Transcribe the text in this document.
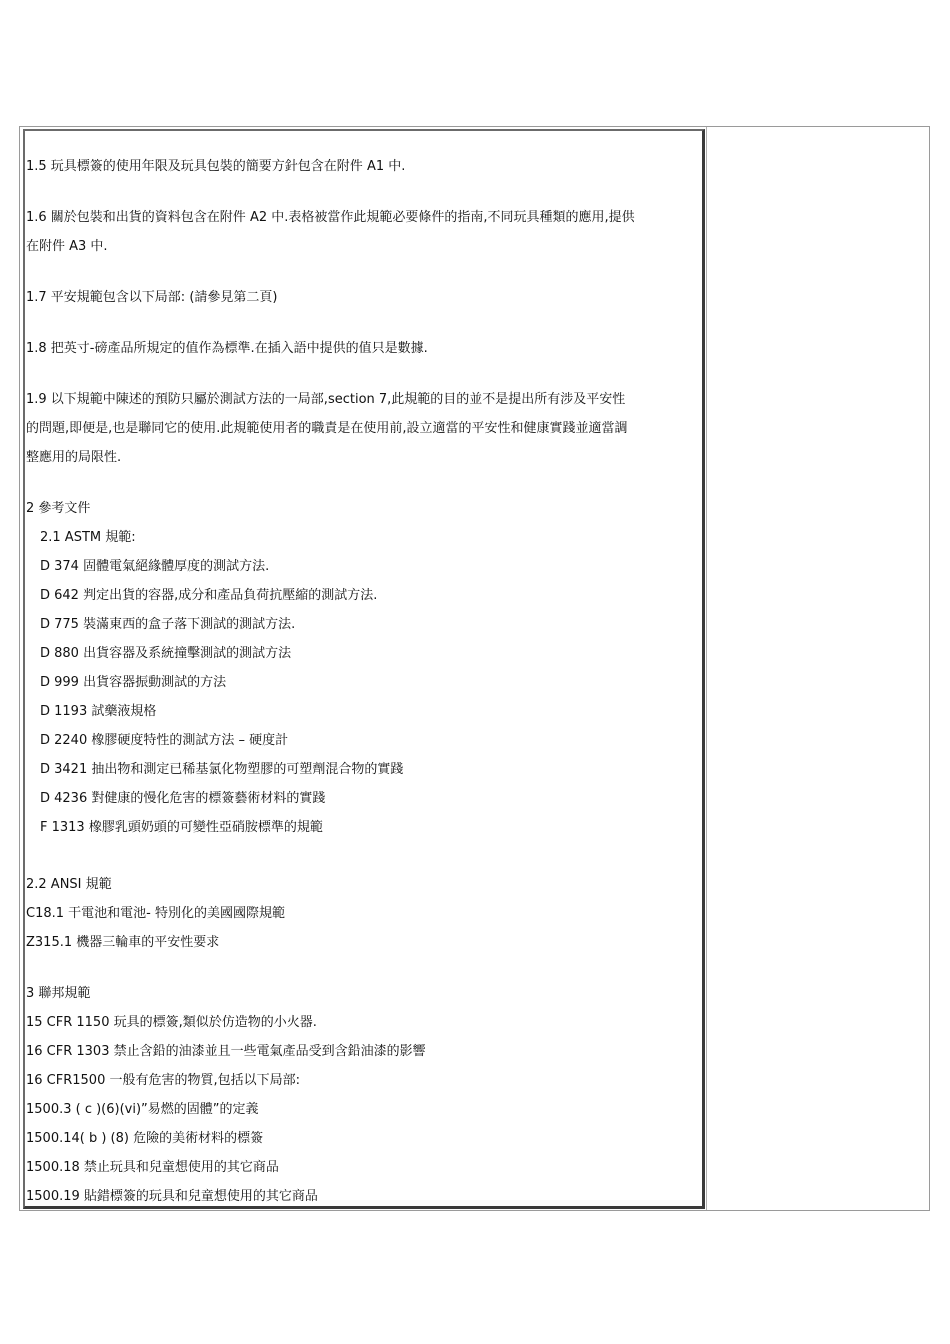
1.5 玩具標簽的使用年限及玩具包裝的簡要方針包含在附件 A1 中.
1.6 關於包裝和出貨的資料包含在附件 A2 中.表格被當作此規範必要條件的指南,不同玩具種類的應用,提供
在附件 A3 中.
1.7 平安規範包含以下局部: (請參見第二頁)
1.8 把英寸-磅產品所規定的值作為標準.在插入語中提供的值只是數據.
1.9 以下規範中陳述的預防只屬於測試方法的一局部,section 7,此規範的目的並不是提出所有涉及平安性
的問題,即便是,也是聯同它的使用.此規範使用者的職責是在使用前,設立適當的平安性和健康實踐並適當調
整應用的局限性.
2 參考文件
2.1 ASTM 規範:
D 374 固體電氣絕緣體厚度的測試方法.
D 642 判定出貨的容器,成分和產品負荷抗壓縮的測試方法.
D 775 裝滿東西的盒子落下測試的測試方法.
D 880 出貨容器及系統撞擊測試的測試方法
D 999 出貨容器振動測試的方法
D 1193 試藥液規格
D 2240 橡膠硬度特性的測試方法 – 硬度計
D 3421 抽出物和測定已稀基氯化物塑膠的可塑劑混合物的實踐
D 4236 對健康的慢化危害的標簽藝術材料的實踐
F 1313 橡膠乳頭奶頭的可變性亞硝胺標準的規範
2.2 ANSI 規範
C18.1 干電池和電池- 特別化的美國國際規範
Z315.1 機器三輪車的平安性要求
3 聯邦規範
15 CFR 1150 玩具的標簽,類似於仿造物的小火器.
16 CFR 1303 禁止含鉛的油漆並且一些電氣產品受到含鉛油漆的影響
16 CFR1500 一般有危害的物質,包括以下局部:
1500.3 ( c )(6)(vi)”易燃的固體”的定義
1500.14( b ) (8) 危險的美術材料的標簽
1500.18 禁止玩具和兒童想使用的其它商品
1500.19 貼錯標簽的玩具和兒童想使用的其它商品
